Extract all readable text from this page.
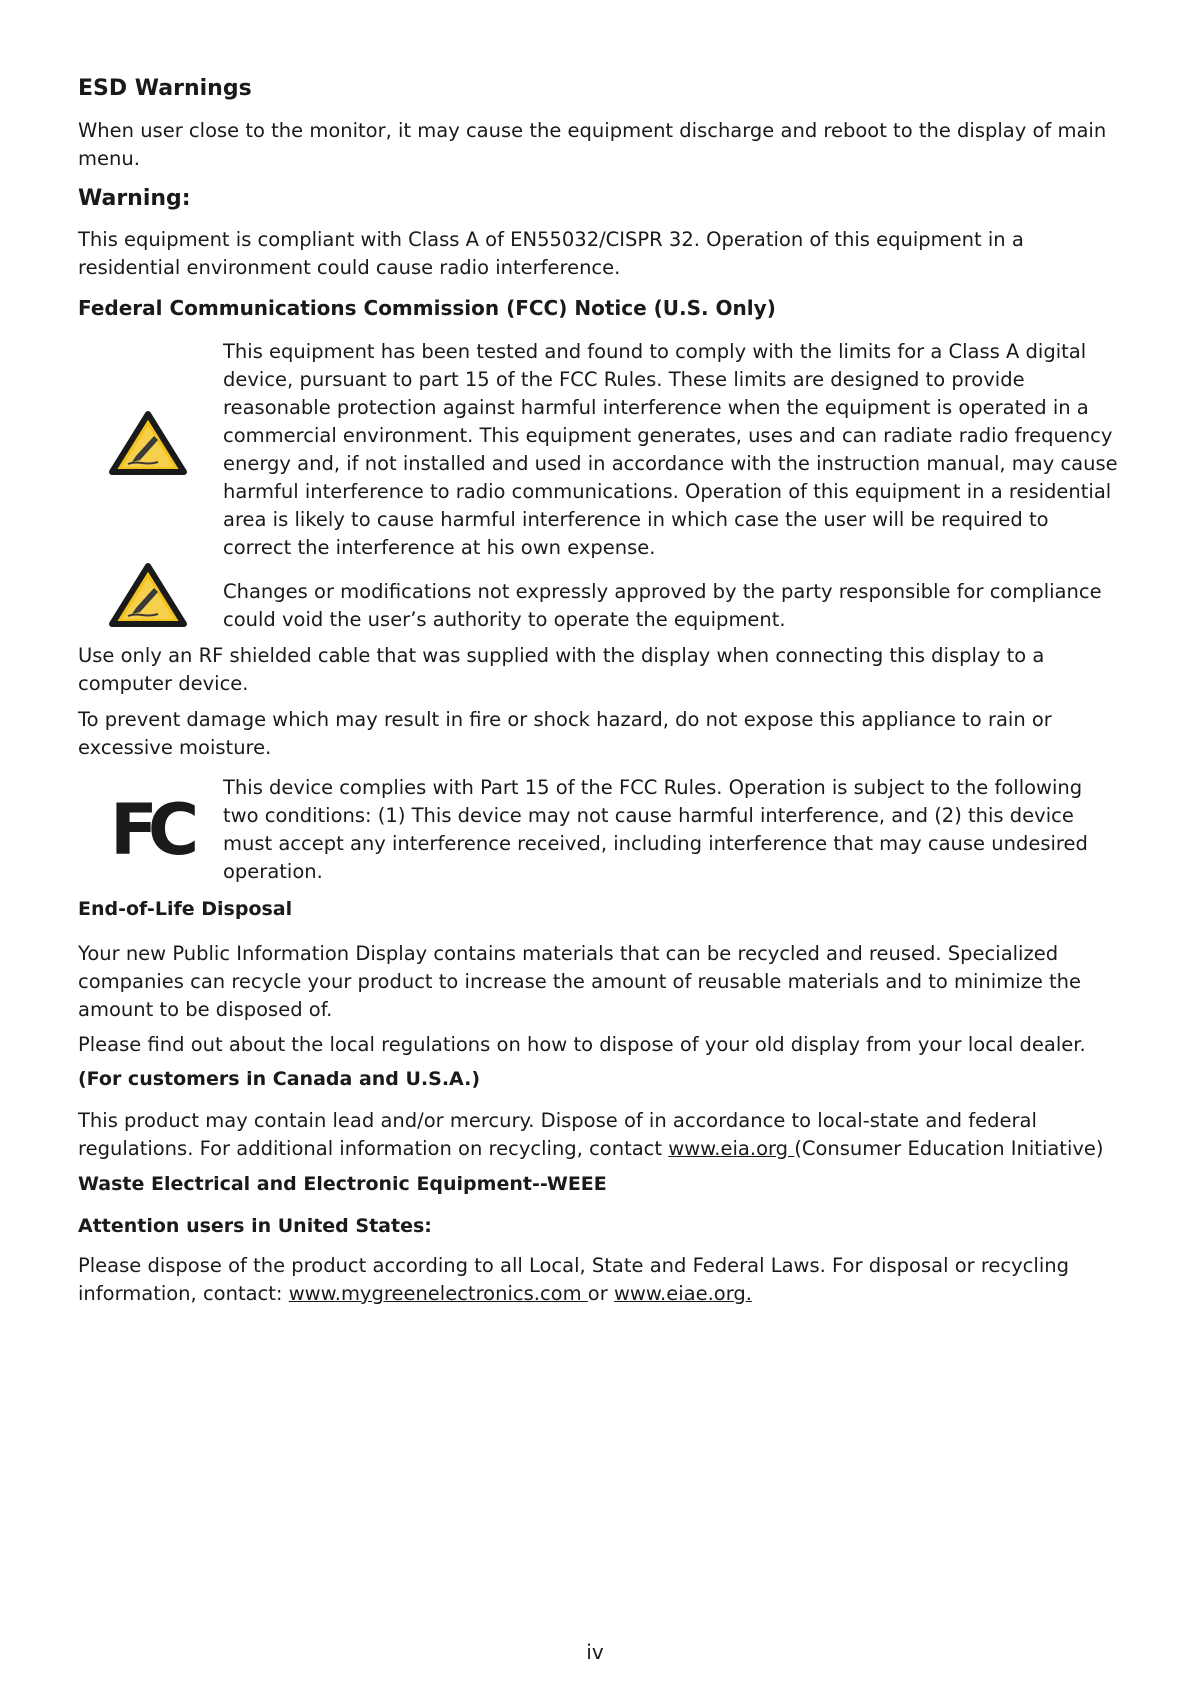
ESD Warnings

When user close to the monitor, it may cause the equipment discharge and reboot to the display of main menu.

Warning:

This equipment is compliant with Class A of EN55032/CISPR 32. Operation of this equipment in a residential environment could cause radio interference.

Federal Communications Commission (FCC) Notice (U.S. Only)

This equipment has been tested and found to comply with the limits for a Class A digital device, pursuant to part 15 of the FCC Rules. These limits are designed to provide reasonable protection against harmful interference when the equipment is operated in a commercial environment. This equipment generates, uses and can radiate radio frequency energy and, if not installed and used in accordance with the instruction manual, may cause harmful interference to radio communications. Operation of this equipment in a residential area is likely to cause harmful interference in which case the user will be required to correct the interference at his own expense.

Changes or modifications not expressly approved by the party responsible for compliance could void the user’s authority to operate the equipment.

Use only an RF shielded cable that was supplied with the display when connecting this display to a computer device.

To prevent damage which may result in fire or shock hazard, do not expose this appliance to rain or excessive moisture.

FC

This device complies with Part 15 of the FCC Rules. Operation is subject to the following two conditions: (1) This device may not cause harmful interference, and (2) this device must accept any interference received, including interference that may cause undesired operation.

End-of-Life Disposal

Your new Public Information Display contains materials that can be recycled and reused. Specialized companies can recycle your product to increase the amount of reusable materials and to minimize the amount to be disposed of.

Please find out about the local regulations on how to dispose of your old display from your local dealer.

(For customers in Canada and U.S.A.)

This product may contain lead and/or mercury. Dispose of in accordance to local-state and federal regulations. For additional information on recycling, contact www.eia.org (Consumer Education Initiative)

Waste Electrical and Electronic Equipment--WEEE
Attention users in United States:

Please dispose of the product according to all Local, State and Federal Laws. For disposal or recycling information, contact: www.mygreenelectronics.com or www.eiae.org.

iv
